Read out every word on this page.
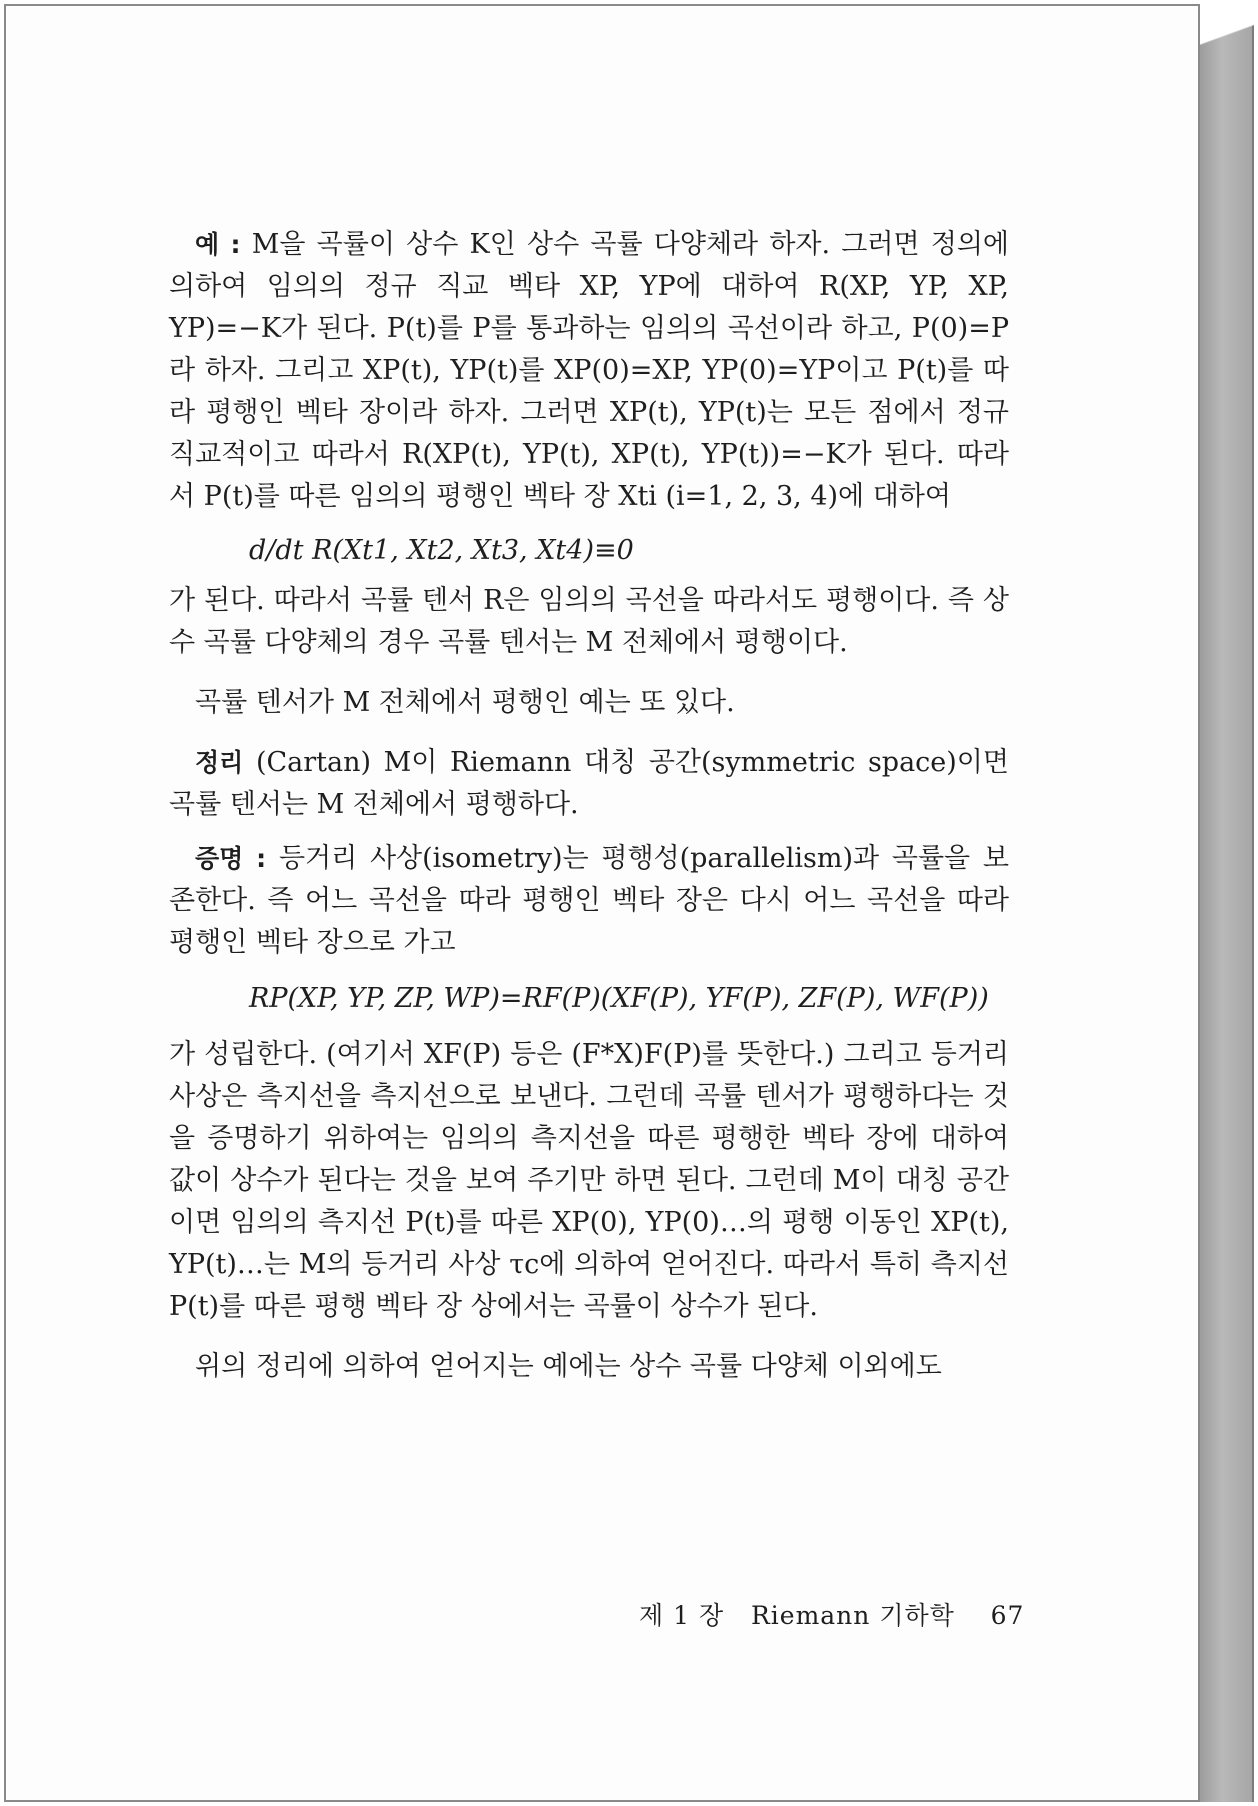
예 : M을 곡률이 상수 K인 상수 곡률 다양체라 하자. 그러면 정의에 의하여 임의의 정규 직교 벡타 XP, YP에 대하여 R(XP, YP, XP, YP)=−K가 된다. P(t)를 P를 통과하는 임의의 곡선이라 하고, P(0)=P라 하자. 그리고 XP(t), YP(t)를 XP(0)=XP, YP(0)=YP이고 P(t)를 따라 평행인 벡타 장이라 하자. 그러면 XP(t), YP(t)는 모든 점에서 정규 직교적이고 따라서 R(XP(t), YP(t), XP(t), YP(t))=−K가 된다. 따라서 P(t)를 따른 임의의 평행인 벡타 장 Xti (i=1, 2, 3, 4)에 대하여

d/dt R(Xt1, Xt2, Xt3, Xt4)≡0

가 된다. 따라서 곡률 텐서 R은 임의의 곡선을 따라서도 평행이다. 즉 상수 곡률 다양체의 경우 곡률 텐서는 M 전체에서 평행이다.

곡률 텐서가 M 전체에서 평행인 예는 또 있다.

정리 (Cartan) M이 Riemann 대칭 공간(symmetric space)이면 곡률 텐서는 M 전체에서 평행하다.

증명 : 등거리 사상(isometry)는 평행성(parallelism)과 곡률을 보존한다. 즉 어느 곡선을 따라 평행인 벡타 장은 다시 어느 곡선을 따라 평행인 벡타 장으로 가고

RP(XP, YP, ZP, WP)=RF(P)(XF(P), YF(P), ZF(P), WF(P))

가 성립한다. (여기서 XF(P) 등은 (F*X)F(P)를 뜻한다.) 그리고 등거리 사상은 측지선을 측지선으로 보낸다. 그런데 곡률 텐서가 평행하다는 것을 증명하기 위하여는 임의의 측지선을 따른 평행한 벡타 장에 대하여 값이 상수가 된다는 것을 보여 주기만 하면 된다. 그런데 M이 대칭 공간이면 임의의 측지선 P(t)를 따른 XP(0), YP(0)…의 평행 이동인 XP(t), YP(t)…는 M의 등거리 사상 τc에 의하여 얻어진다. 따라서 특히 측지선 P(t)를 따른 평행 벡타 장 상에서는 곡률이 상수가 된다.

위의 정리에 의하여 얻어지는 예에는 상수 곡률 다양체 이외에도

제 1 장 Riemann 기하학 67
